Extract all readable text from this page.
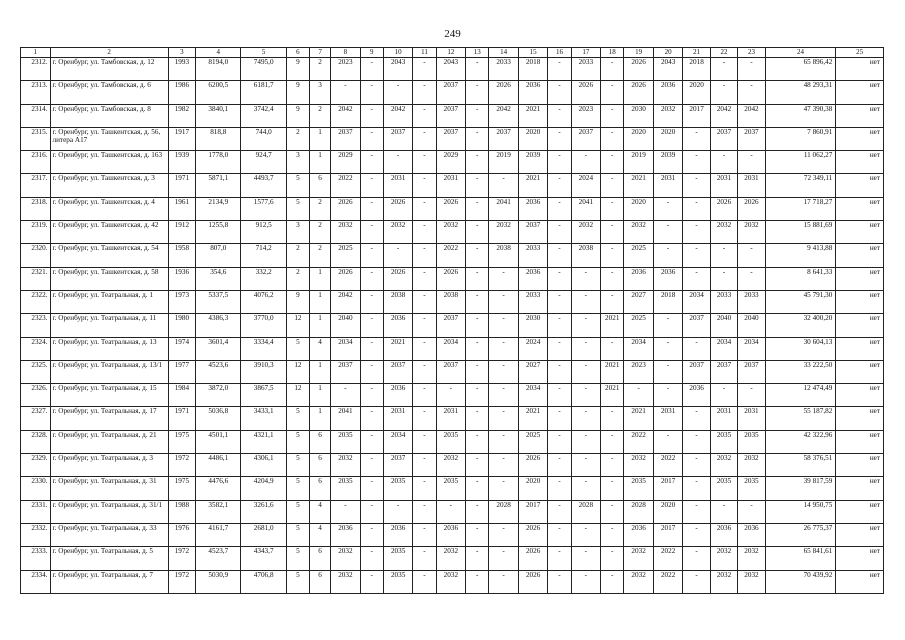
249
1	2	3	4	5	6	7	8	9	10	11	12	13	14	15	16	17	18	19	20	21	22	23	24	25
2312.	г. Оренбург, ул. Тамбовская, д. 12	1993	8194,0	7495,0	9	2	2023	-	2043	-	2043	-	2033	2018	-	2033	-	2026	2043	2018	-	-	65 896,42	нет
2313.	г. Оренбург, ул. Тамбовская, д. 6	1986	6200,5	6181,7	9	3	-	-	-	-	2037	-	2026	2036	-	2026	-	2026	2036	2020	-	-	48 293,31	нет
2314.	г. Оренбург, ул. Тамбовская, д. 8	1982	3840,1	3742,4	9	2	2042	-	2042	-	2037	-	2042	2021	-	2023	-	2030	2032	2017	2042	2042	47 390,38	нет
2315.	г. Оренбург, ул. Ташкентская, д. 56, литера А17	1917	818,8	744,0	2	1	2037	-	2037	-	2037	-	2037	2020	-	2037	-	2020	2020	-	2037	2037	7 860,91	нет
2316.	г. Оренбург, ул. Ташкентская, д. 163	1939	1778,0	924,7	3	1	2029	-	-	-	2029	-	2019	2039	-	-	-	2019	2039	-	-	-	11 062,27	нет
2317.	г. Оренбург, ул. Ташкентская, д. 3	1971	5871,1	4493,7	5	6	2022	-	2031	-	2031	-	-	2021	-	2024	-	2021	2031	-	2031	2031	72 349,11	нет
2318.	г. Оренбург, ул. Ташкентская, д. 4	1961	2134,9	1577,6	5	2	2026	-	2026	-	2026	-	2041	2036	-	2041	-	2020	-	-	2026	2026	17 718,27	нет
2319.	г. Оренбург, ул. Ташкентская, д. 42	1912	1255,8	912,5	3	2	2032	-	2032	-	2032	-	2032	2037	-	2032	-	2032	-	-	2032	2032	15 881,69	нет
2320.	г. Оренбург, ул. Ташкентская, д. 54	1958	807,0	714,2	2	2	2025	-	-	-	2022	-	2038	2033	-	2038	-	2025	-	-	-	-	9 413,88	нет
2321.	г. Оренбург, ул. Ташкентская, д. 58	1936	354,6	332,2	2	1	2026	-	2026	-	2026	-	-	2036	-	-	-	2036	2036	-	-	-	8 641,33	нет
2322.	г. Оренбург, ул. Театральная, д. 1	1973	5337,5	4076,2	9	1	2042	-	2038	-	2038	-	-	2033	-	-	-	2027	2018	2034	2033	2033	45 791,30	нет
2323.	г. Оренбург, ул. Театральная, д. 11	1980	4386,3	3770,0	12	1	2040	-	2036	-	2037	-	-	2030	-	-	2021	2025	-	2037	2040	2040	32 400,20	нет
2324.	г. Оренбург, ул. Театральная, д. 13	1974	3601,4	3334,4	5	4	2034	-	2021	-	2034	-	-	2024	-	-	-	2034	-	-	2034	2034	30 604,13	нет
2325.	г. Оренбург, ул. Театральная, д. 13/1	1977	4523,6	3910,3	12	1	2037	-	2037	-	2037	-	-	2027	-	-	2021	2023	-	2037	2037	2037	33 222,50	нет
2326.	г. Оренбург, ул. Театральная, д. 15	1984	3872,0	3867,5	12	1	-	-	2036	-	-	-	-	2034	-	-	2021	-	-	2036	-	-	12 474,49	нет
2327.	г. Оренбург, ул. Театральная, д. 17	1971	5036,8	3433,1	5	1	2041	-	2031	-	2031	-	-	2021	-	-	-	2021	2031	-	2031	2031	55 187,82	нет
2328.	г. Оренбург, ул. Театральная, д. 21	1975	4501,1	4321,1	5	6	2035	-	2034	-	2035	-	-	2025	-	-	-	2022	-	-	2035	2035	42 322,96	нет
2329.	г. Оренбург, ул. Театральная, д. 3	1972	4486,1	4306,1	5	6	2032	-	2037	-	2032	-	-	2026	-	-	-	2032	2022	-	2032	2032	58 376,51	нет
2330.	г. Оренбург, ул. Театральная, д. 31	1975	4476,6	4204,9	5	6	2035	-	2035	-	2035	-	-	2020	-	-	-	2035	2017	-	2035	2035	39 817,59	нет
2331.	г. Оренбург, ул. Театральная, д. 31/1	1988	3582,1	3261,6	5	4	-	-	-	-	-	-	2028	2017	-	2028	-	2028	2020	-	-	-	14 950,75	нет
2332.	г. Оренбург, ул. Театральная, д. 33	1976	4161,7	2681,0	5	4	2036	-	2036	-	2036	-	-	2026	-	-	-	2036	2017	-	2036	2036	26 775,37	нет
2333.	г. Оренбург, ул. Театральная, д. 5	1972	4523,7	4343,7	5	6	2032	-	2035	-	2032	-	-	2026	-	-	-	2032	2022	-	2032	2032	65 841,61	нет
2334.	г. Оренбург, ул. Театральная, д. 7	1972	5030,9	4706,8	5	6	2032	-	2035	-	2032	-	-	2026	-	-	-	2032	2022	-	2032	2032	70 439,92	нет
